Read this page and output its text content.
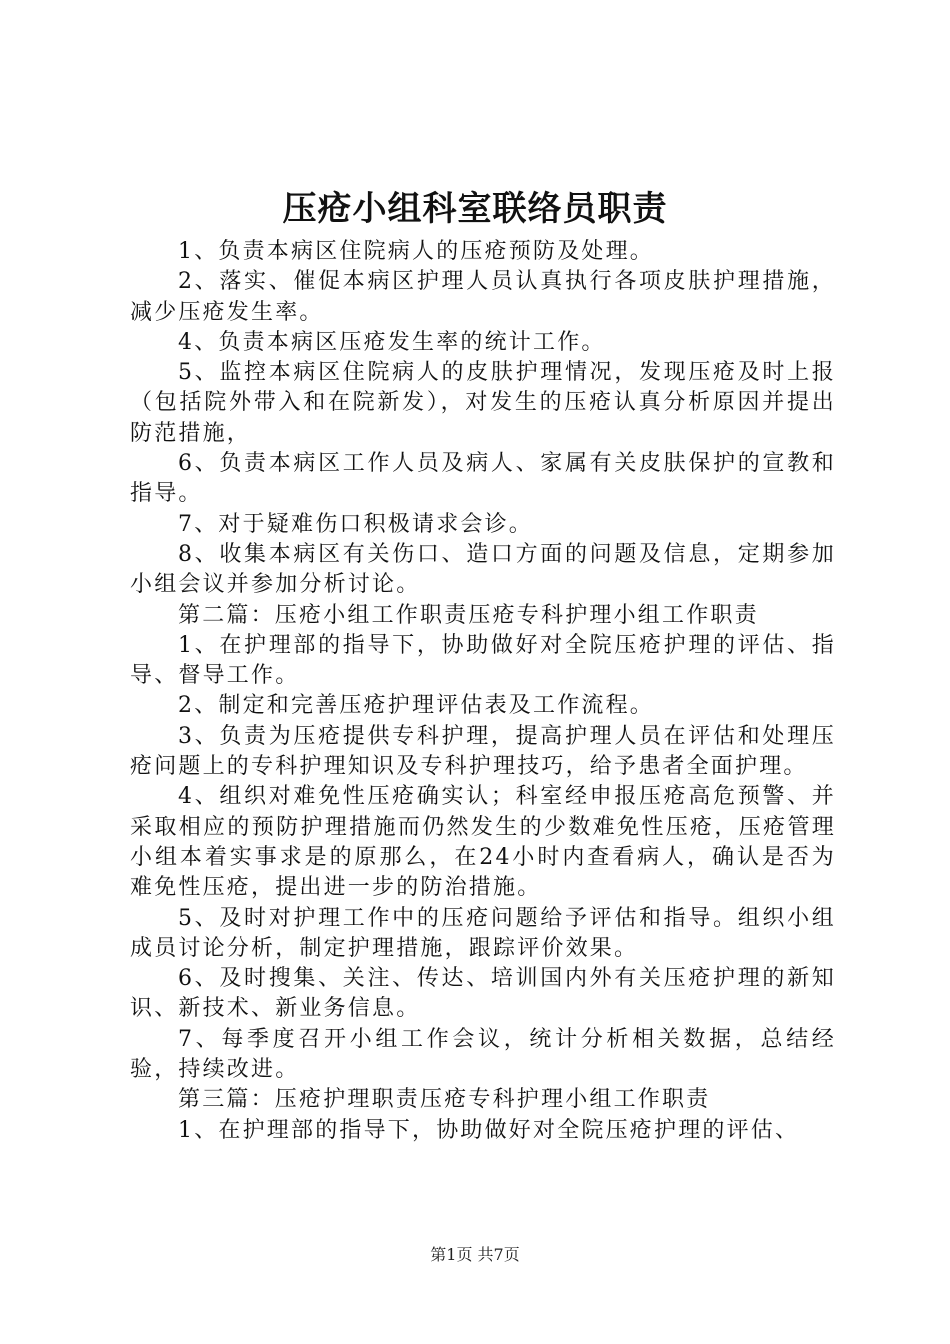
压疮小组科室联络员职责

1、负责本病区住院病人的压疮预防及处理。

2、落实、催促本病区护理人员认真执行各项皮肤护理措施，减少压疮发生率。

4、负责本病区压疮发生率的统计工作。

5、监控本病区住院病人的皮肤护理情况，发现压疮及时上报（包括院外带入和在院新发），对发生的压疮认真分析原因并提出防范措施，

6、负责本病区工作人员及病人、家属有关皮肤保护的宣教和指导。

7、对于疑难伤口积极请求会诊。

8、收集本病区有关伤口、造口方面的问题及信息，定期参加小组会议并参加分析讨论。

第二篇：压疮小组工作职责压疮专科护理小组工作职责

1、在护理部的指导下，协助做好对全院压疮护理的评估、指导、督导工作。

2、制定和完善压疮护理评估表及工作流程。

3、负责为压疮提供专科护理，提高护理人员在评估和处理压疮问题上的专科护理知识及专科护理技巧，给予患者全面护理。

4、组织对难免性压疮确实认；科室经申报压疮高危预警、并采取相应的预防护理措施而仍然发生的少数难免性压疮，压疮管理小组本着实事求是的原那么，在24小时内查看病人，确认是否为难免性压疮，提出进一步的防治措施。

5、及时对护理工作中的压疮问题给予评估和指导。组织小组成员讨论分析，制定护理措施，跟踪评价效果。

6、及时搜集、关注、传达、培训国内外有关压疮护理的新知识、新技术、新业务信息。

7、每季度召开小组工作会议，统计分析相关数据，总结经验，持续改进。

第三篇：压疮护理职责压疮专科护理小组工作职责

1、在护理部的指导下，协助做好对全院压疮护理的评估、

第1页 共7页
